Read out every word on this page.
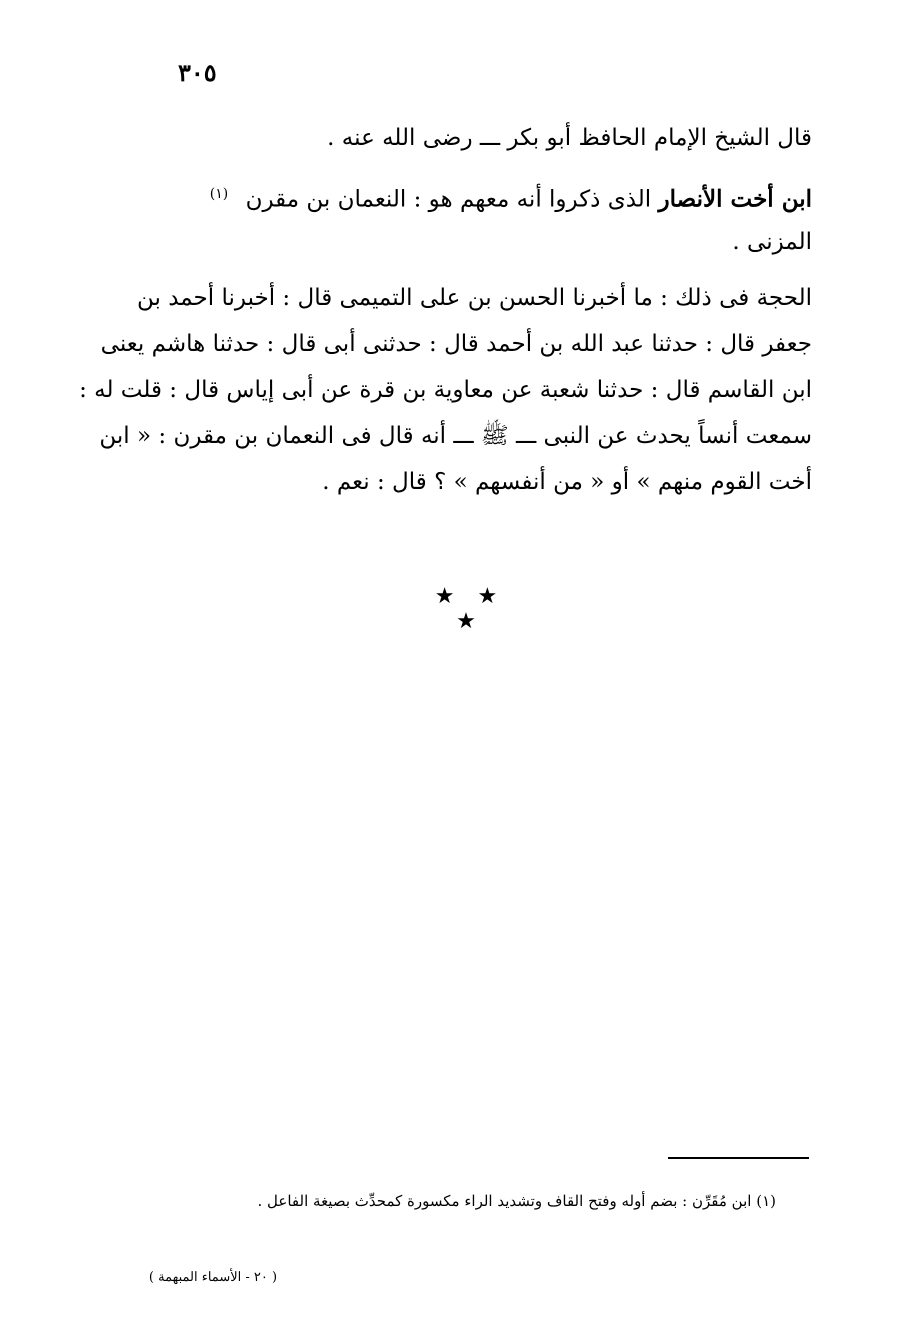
٣٠٥
قال الشيخ الإمام الحافظ أبو بكر ـــ رضى الله عنه .
ابن أخت الأنصار الذى ذكروا أنه معهم هو : النعمان بن مقرن $^{(١)}$
المزنى .
الحجة فى ذلك : ما أخبرنا الحسن بن على التميمى قال : أخبرنا أحمد بن
جعفر قال : حدثنا عبد الله بن أحمد قال : حدثنى أبى قال : حدثنا هاشم يعنى
ابن القاسم قال : حدثنا شعبة عن معاوية بن قرة عن أبى إياس قال : قلت له :
سمعت أنساً يحدث عن النبى ـــ ﷺ ـــ أنه قال فى النعمان بن مقرن : « ابن
أخت القوم منهم » أو « من أنفسهم » ؟ قال : نعم .
★ ★ ★
(١) ابن مُقَرِّن : بضم أوله وفتح القاف وتشديد الراء مكسورة كمحدِّث بصيغة الفاعل .
( ٢٠ - الأسماء المبهمة )
